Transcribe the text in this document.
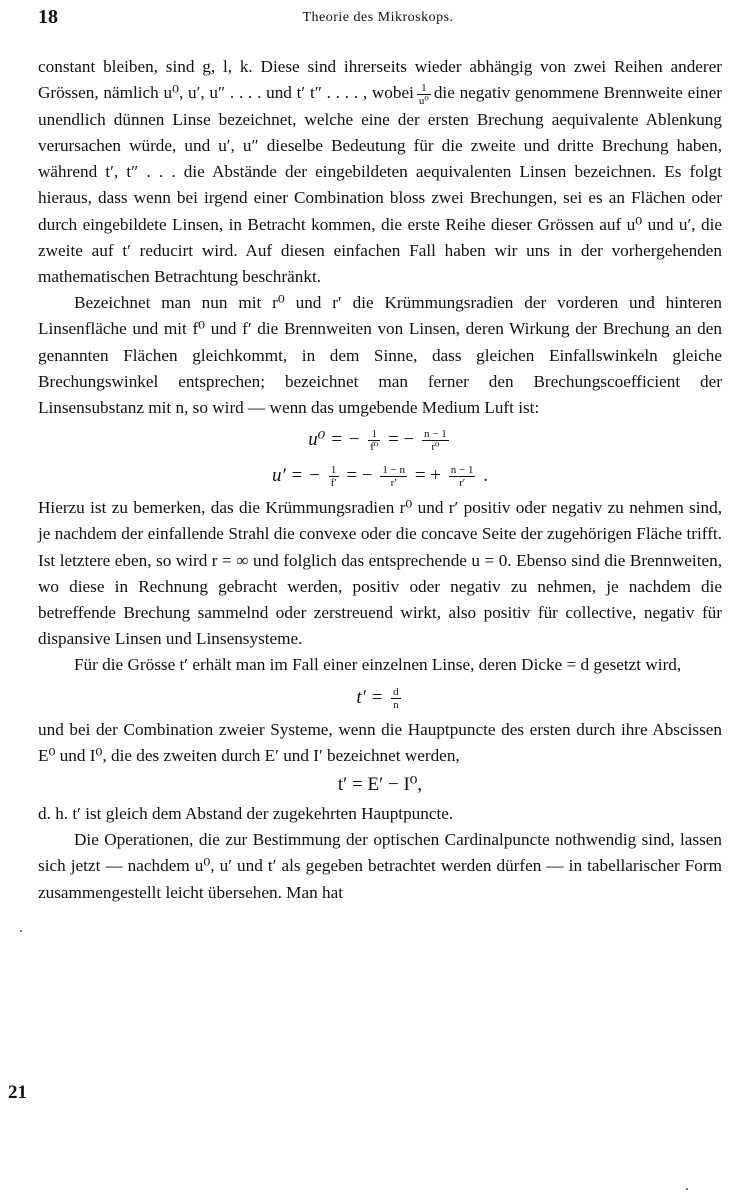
18	Theorie des Mikroskops.

constant bleiben, sind g, l, k. Diese sind ihrerseits wieder abhängig von zwei Reihen anderer Grössen, nämlich u⁰, u′, u″ . . . . und t′ t″ . . . . , wobei $\frac{1}{\text{u⁰}}$ die negativ genommene Brennweite einer unendlich dünnen Linse bezeichnet, welche eine der ersten Brechung aequivalente Ablenkung verursachen würde, und u′, u″ dieselbe Bedeutung für die zweite und dritte Brechung haben, während t′, t″ . . . die Abstände der eingebildeten aequivalenten Linsen bezeichnen. Es folgt hieraus, dass wenn bei irgend einer Combination bloss zwei Brechungen, sei es an Flächen oder durch eingebildete Linsen, in Betracht kommen, die erste Reihe dieser Grössen auf u⁰ und u′, die zweite auf t′ reducirt wird. Auf diesen einfachen Fall haben wir uns in der vorhergehenden mathematischen Betrachtung beschränkt.

Bezeichnet man nun mit r⁰ und r′ die Krümmungsradien der vorderen und hinteren Linsenfläche und mit f⁰ und f′ die Brennweiten von Linsen, deren Wirkung der Brechung an den genannten Flächen gleichkommt, in dem Sinne, dass gleichen Einfallswinkeln gleiche Brechungswinkel entsprechen; bezeichnet man ferner den Brechungscoefficient der Linsensubstanz mit n, so wird — wenn das umgebende Medium Luft ist:

u⁰ = − $\frac{1}{\text{f⁰}}$ = − $\frac{n - 1}{\text{r⁰}}$
u′ = − $\frac{1}{f'}$ = − $\frac{1 - n}{r'}$ = + $\frac{n - 1}{r'}$ .

Hierzu ist zu bemerken, das die Krümmungsradien r⁰ und r′ positiv oder negativ zu nehmen sind, je nachdem der einfallende Strahl die convexe oder die concave Seite der zugehörigen Fläche trifft. Ist letztere eben, so wird r = ∞ und folglich das entsprechende u = 0. Ebenso sind die Brennweiten, wo diese in Rechnung gebracht werden, positiv oder negativ zu nehmen, je nachdem die betreffende Brechung sammelnd oder zerstreuend wirkt, also positiv für collective, negativ für dispansive Linsen und Linsensysteme.

Für die Grösse t′ erhält man im Fall einer einzelnen Linse, deren Dicke = d gesetzt wird,

$t' = \frac{d}{n}$

und bei der Combination zweier Systeme, wenn die Hauptpuncte des ersten durch ihre Abscissen E⁰ und I⁰, die des zweiten durch E′ und I′ bezeichnet werden,

t′ = E′ − I⁰,

d. h. t′ ist gleich dem Abstand der zugekehrten Hauptpuncte.

Die Operationen, die zur Bestimmung der optischen Cardinalpuncte nothwendig sind, lassen sich jetzt — nachdem u⁰, u′ und t′ als gegeben betrachtet werden dürfen — in tabellarischer Form zusammengestellt leicht übersehen. Man hat

21
